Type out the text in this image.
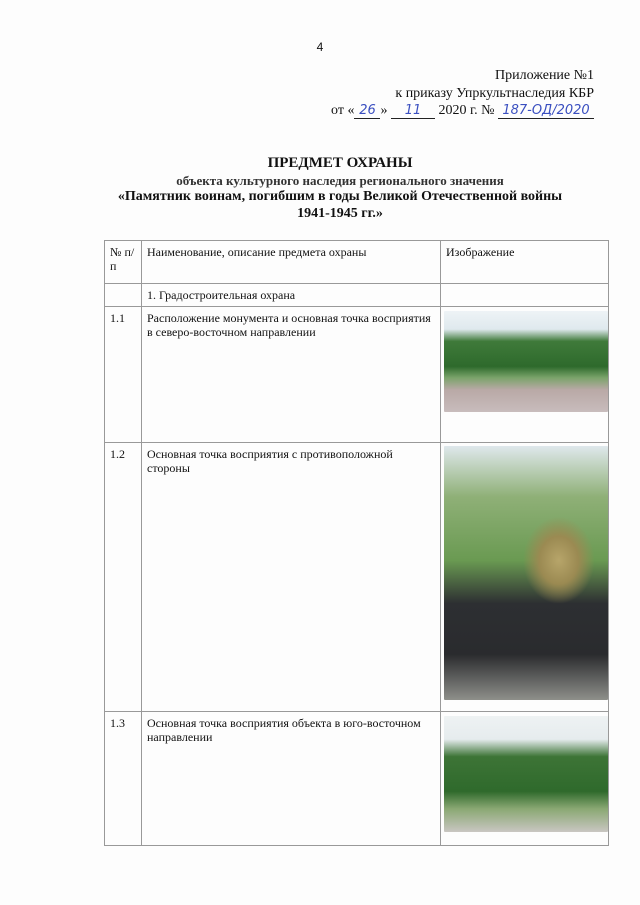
4
Приложение №1
к приказу Упркультнаследия КБР
от « 26 » 11 2020 г. № 187-ОД/2020
ПРЕДМЕТ ОХРАНЫ
объекта культурного наследия регионального значения
«Памятник воинам, погибшим в годы Великой Отечественной войны
1941-1945 гг.»
№ п/п	Наименование, описание предмета охраны	Изображение
	1. Градостроительная охрана	
1.1	Расположение монумента и основная точка восприятия в северо-восточном направлении	
1.2	Основная точка восприятия с противоположной стороны	
1.3	Основная точка восприятия объекта в юго-восточном направлении	
